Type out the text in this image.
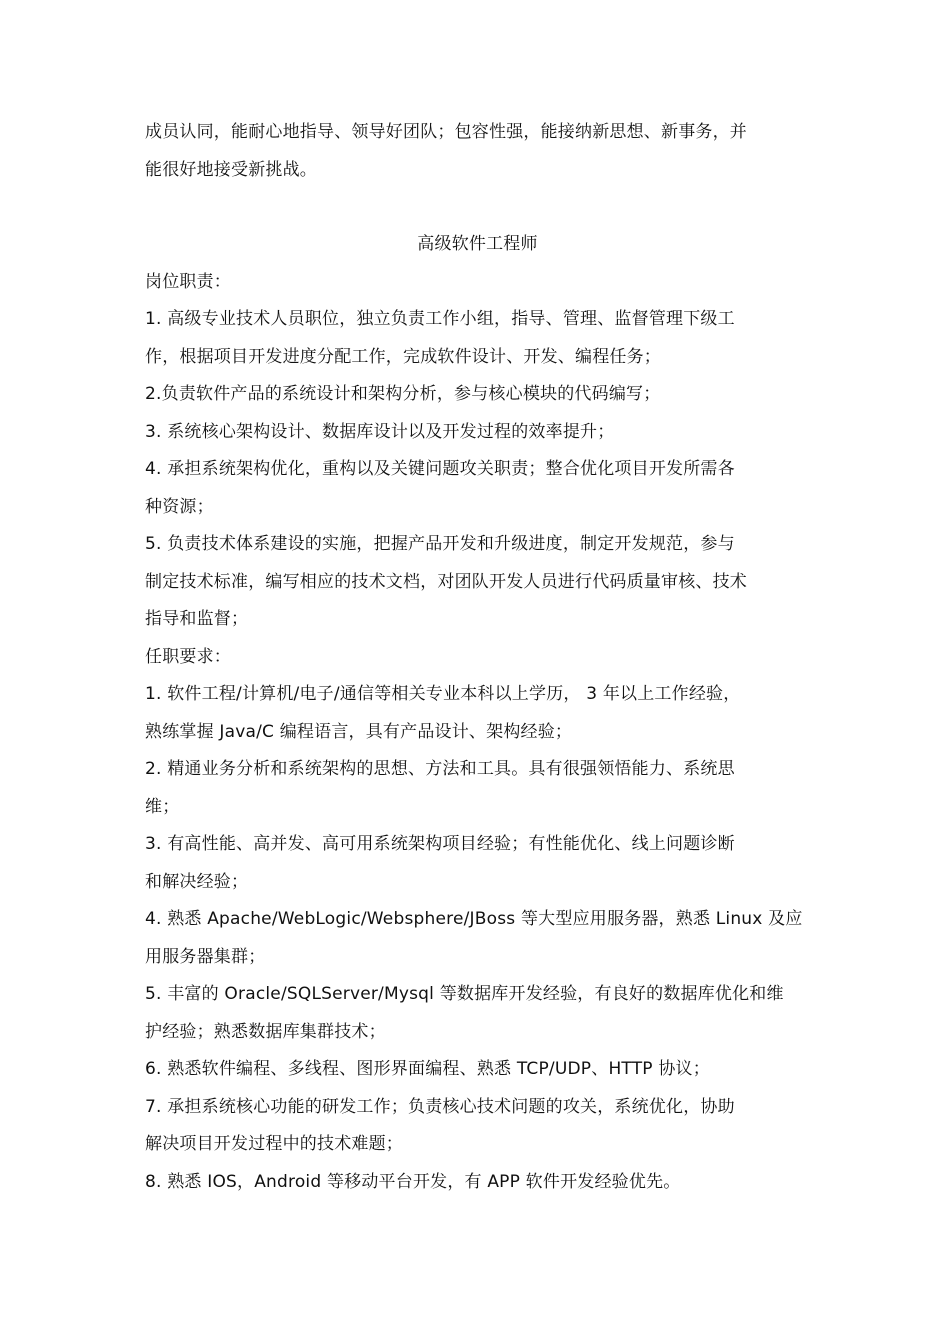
成员认同，能耐心地指导、领导好团队；包容性强，能接纳新思想、新事务，并
能很好地接受新挑战。
高级软件工程师
岗位职责：
1. 高级专业技术人员职位，独立负责工作小组，指导、管理、监督管理下级工
作，根据项目开发进度分配工作，完成软件设计、开发、编程任务；
2.负责软件产品的系统设计和架构分析，参与核心模块的代码编写；
3. 系统核心架构设计、数据库设计以及开发过程的效率提升；
4. 承担系统架构优化，重构以及关键问题攻关职责；整合优化项目开发所需各
种资源；
5. 负责技术体系建设的实施，把握产品开发和升级进度，制定开发规范，参与
制定技术标准，编写相应的技术文档，对团队开发人员进行代码质量审核、技术
指导和监督；
任职要求：
1. 软件工程/计算机/电子/通信等相关专业本科以上学历， 3 年以上工作经验，
熟练掌握 Java/C 编程语言，具有产品设计、架构经验；
2. 精通业务分析和系统架构的思想、方法和工具。具有很强领悟能力、系统思
维；
3. 有高性能、高并发、高可用系统架构项目经验；有性能优化、线上问题诊断
和解决经验；
4. 熟悉 Apache/WebLogic/Websphere/JBoss 等大型应用服务器，熟悉 Linux 及应
用服务器集群；
5. 丰富的 Oracle/SQLServer/Mysql 等数据库开发经验，有良好的数据库优化和维
护经验；熟悉数据库集群技术；
6. 熟悉软件编程、多线程、图形界面编程、熟悉 TCP/UDP、HTTP 协议；
7. 承担系统核心功能的研发工作；负责核心技术问题的攻关，系统优化，协助
解决项目开发过程中的技术难题；
8. 熟悉 IOS，Android 等移动平台开发，有 APP 软件开发经验优先。
